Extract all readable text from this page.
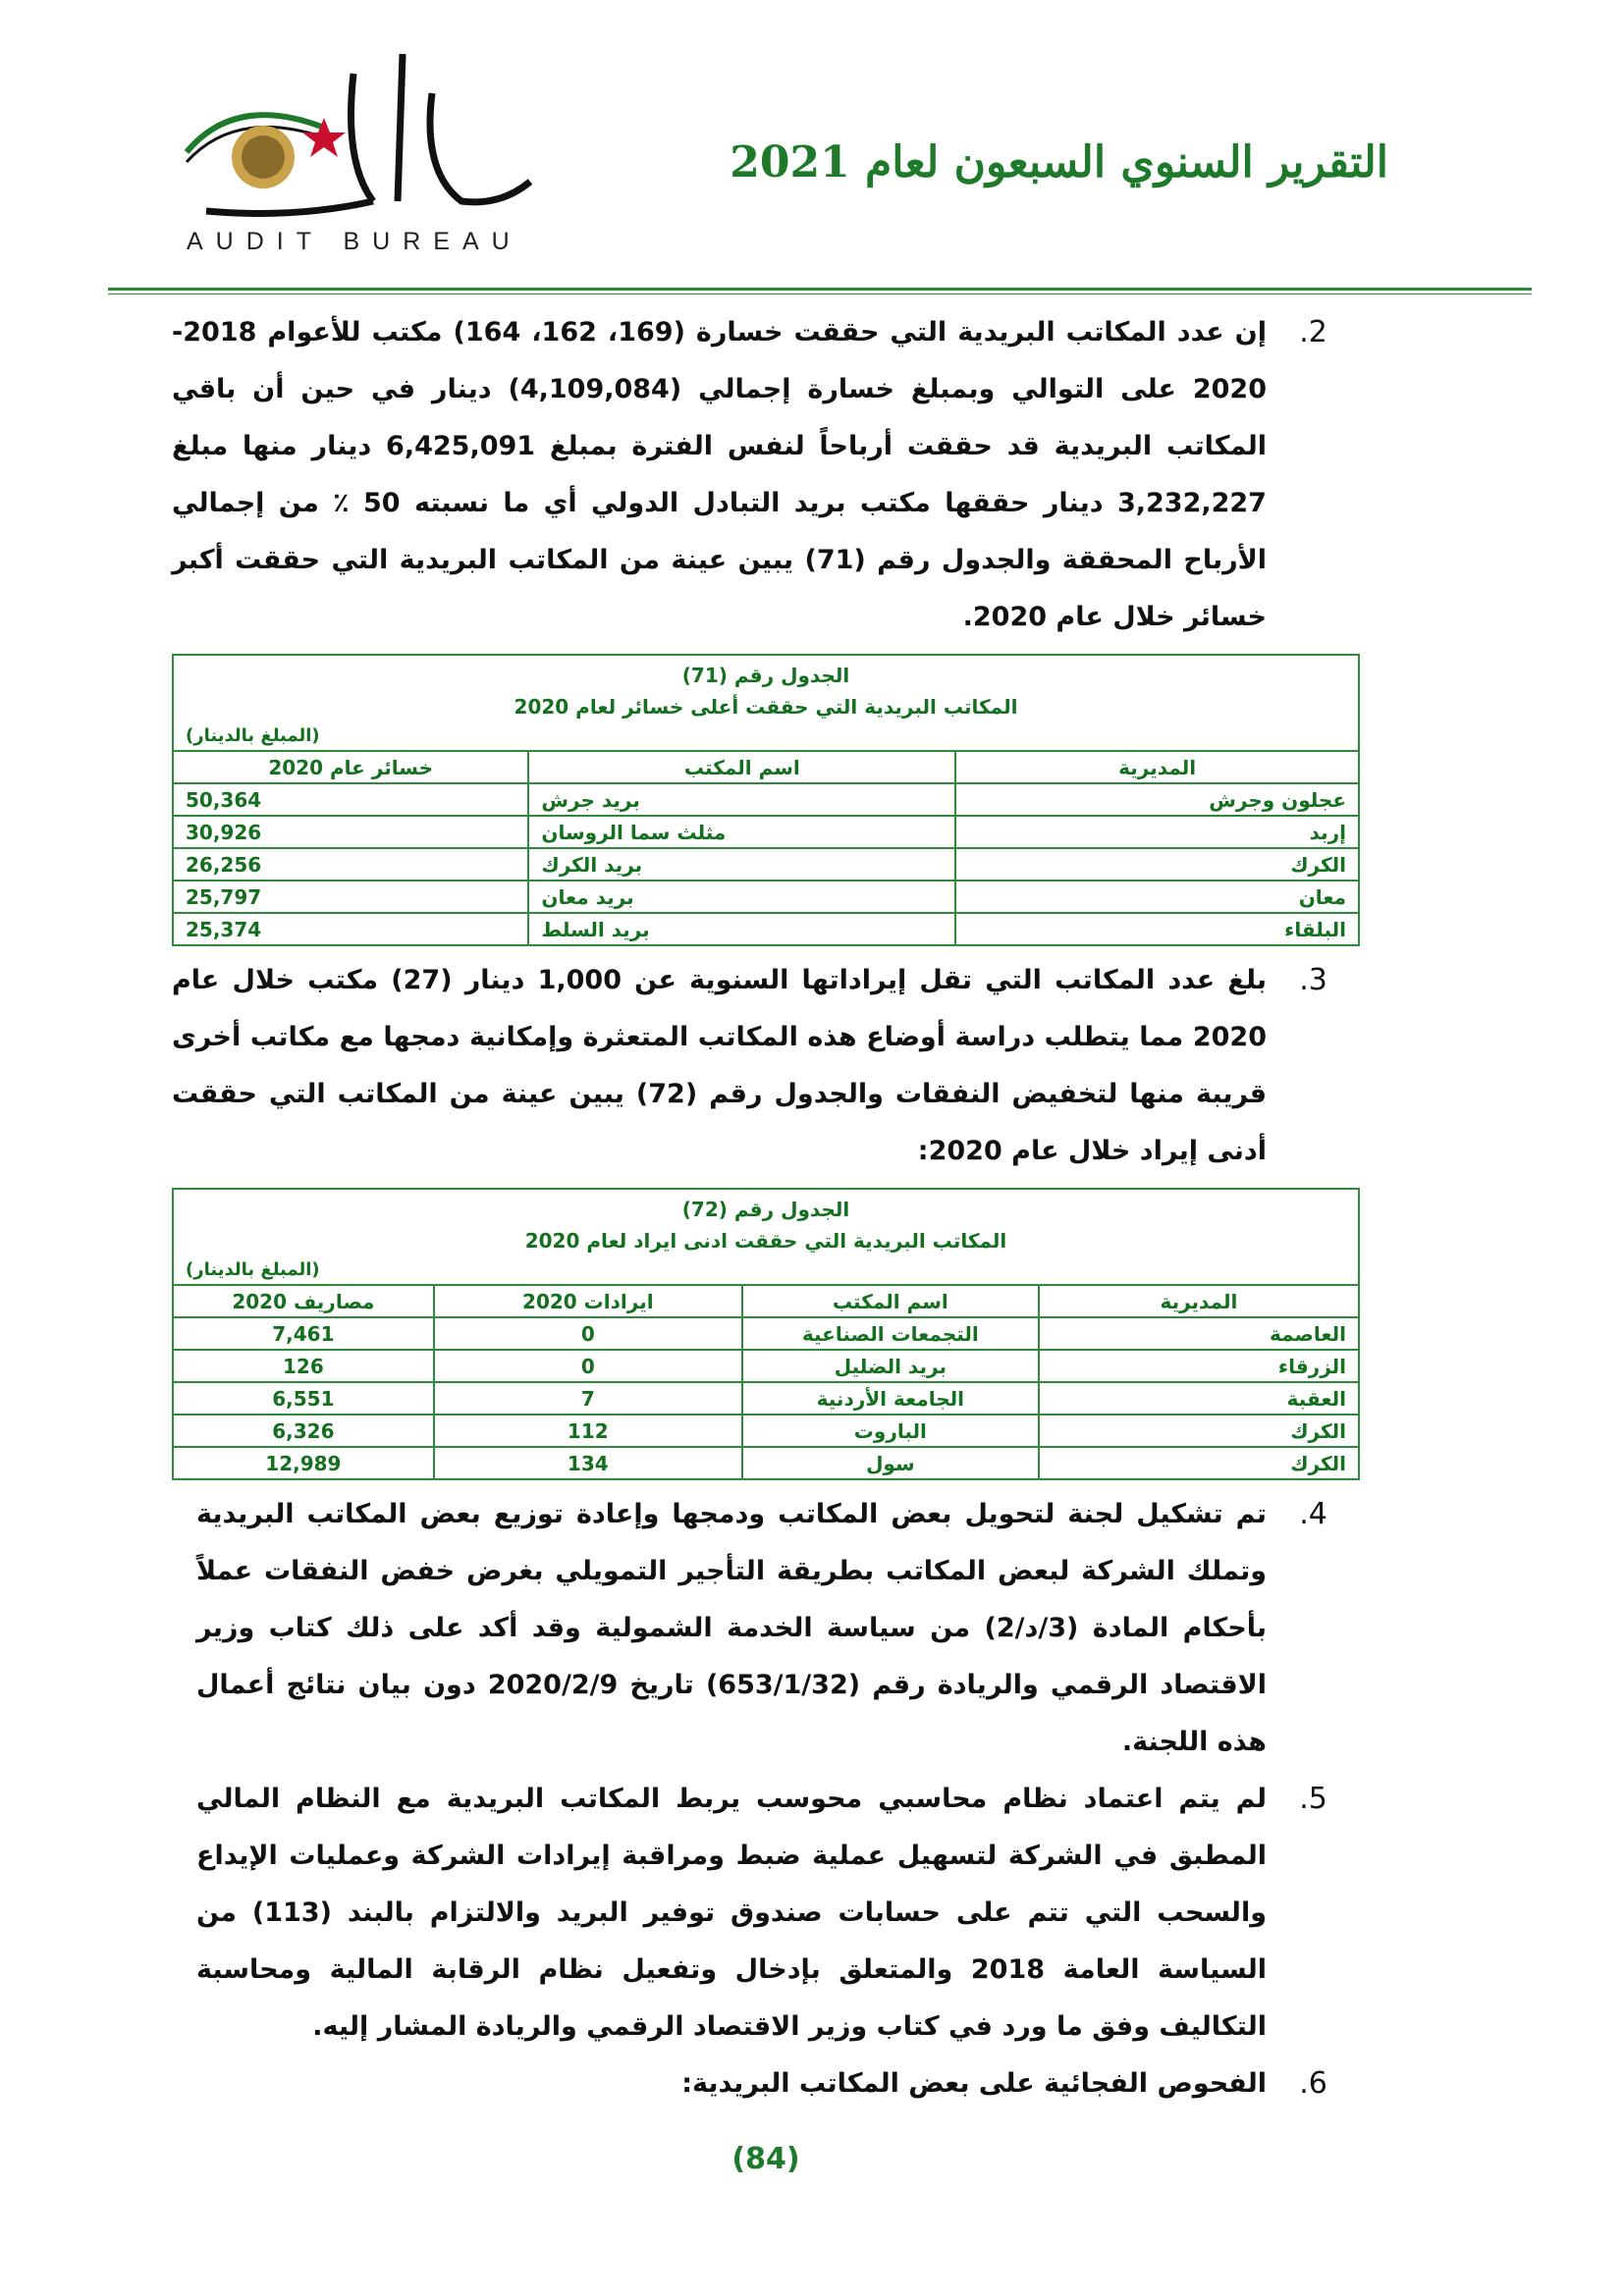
AUDIT BUREAU
التقرير السنوي السبعون لعام 2021
.2
إن عدد المكاتب البريدية التي حققت خسارة (169، 162، 164) مكتب للأعوام 2018-2020 على التوالي وبمبلغ خسارة إجمالي (4,109,084) دينار في حين أن باقي المكاتب البريدية قد حققت أرباحاً لنفس الفترة بمبلغ 6,425,091 دينار منها مبلغ 3,232,227 دينار حققها مكتب بريد التبادل الدولي أي ما نسبته 50 ٪ من إجمالي الأرباح المحققة والجدول رقم (71) يبين عينة من المكاتب البريدية التي حققت أكبر خسائر خلال عام 2020.
الجدول رقم (71)
المكاتب البريدية التي حققت أعلى خسائر لعام 2020
(المبلغ بالدينار)		

المديرية	اسم المكتب	خسائر عام 2020
عجلون وجرش	بريد جرش	50,364
إربد	مثلث سما الروسان	30,926
الكرك	بريد الكرك	26,256
معان	بريد معان	25,797
البلقاء	بريد السلط	25,374
.3
بلغ عدد المكاتب التي تقل إيراداتها السنوية عن 1,000 دينار (27) مكتب خلال عام 2020 مما يتطلب دراسة أوضاع هذه المكاتب المتعثرة وإمكانية دمجها مع مكاتب أخرى قريبة منها لتخفيض النفقات والجدول رقم (72) يبين عينة من المكاتب التي حققت أدنى إيراد خلال عام 2020:
الجدول رقم (72)
المكاتب البريدية التي حققت ادنى ايراد لعام 2020
(المبلغ بالدينار)			

المديرية	اسم المكتب	ايرادات 2020	مصاريف 2020
العاصمة	التجمعات الصناعية	0	7,461
الزرقاء	بريد الضليل	0	126
العقبة	الجامعة الأردنية	7	6,551
الكرك	الباروت	112	6,326
الكرك	سول	134	12,989
.4
تم تشكيل لجنة لتحويل بعض المكاتب ودمجها وإعادة توزيع بعض المكاتب البريدية وتملك الشركة لبعض المكاتب بطريقة التأجير التمويلي بغرض خفض النفقات عملاً بأحكام المادة (3/د/2) من سياسة الخدمة الشمولية وقد أكد على ذلك كتاب وزير الاقتصاد الرقمي والريادة رقم (653/1/32) تاريخ 2020/2/9 دون بيان نتائج أعمال هذه اللجنة.
.5
لم يتم اعتماد نظام محاسبي محوسب يربط المكاتب البريدية مع النظام المالي المطبق في الشركة لتسهيل عملية ضبط ومراقبة إيرادات الشركة وعمليات الإيداع والسحب التي تتم على حسابات صندوق توفير البريد والالتزام بالبند (113) من السياسة العامة 2018 والمتعلق بإدخال وتفعيل نظام الرقابة المالية ومحاسبة التكاليف وفق ما ورد في كتاب وزير الاقتصاد الرقمي والريادة المشار إليه.
.6
الفحوص الفجائية على بعض المكاتب البريدية:
(84)
